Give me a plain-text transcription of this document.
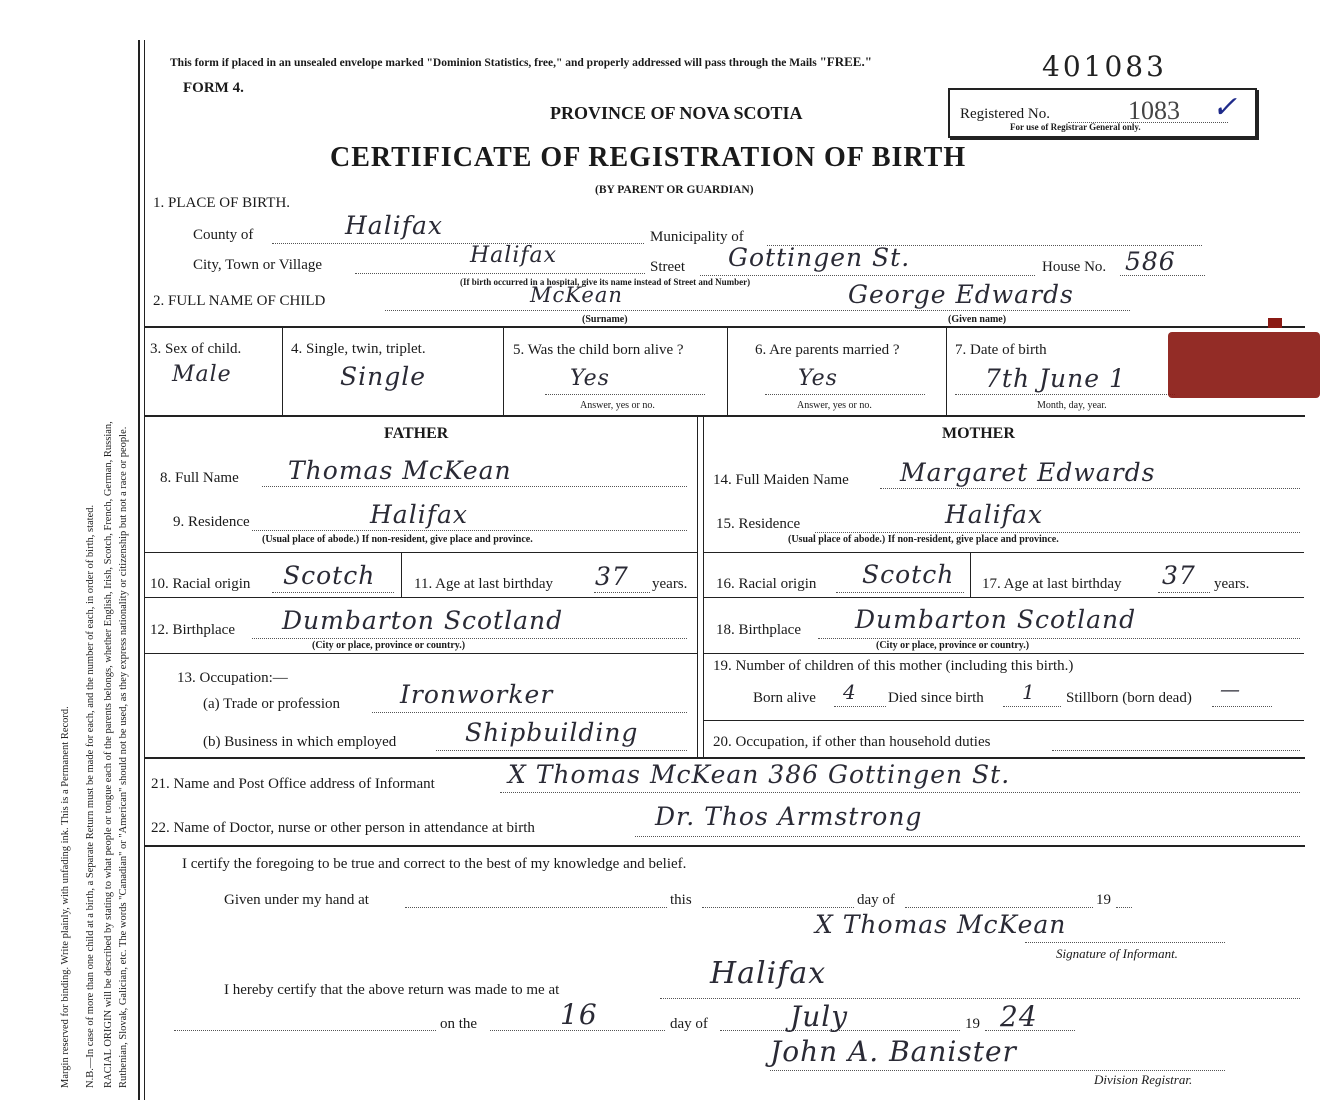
Margin reserved for binding. Write plainly, with unfading ink. This is a Permanent Record. N.B.—In case of more than one child at a birth, a Separate Return must be made for each, and the number of each, in order of birth, stated. RACIAL ORIGIN will be described by stating to what people or tongue each of the parents belongs, whether English, Irish, Scotch, French, German, Russian, Ruthenian, Slovak, Galician, etc. The words "Canadian" or "American" should not be used, as they express nationality or citizenship but not a race or people.
This form if placed in an unsealed envelope marked "Dominion Statistics, free," and properly addressed will pass through the Mails "FREE."	401083
FORM 4.
PROVINCE OF NOVA SCOTIA	Registered No.	1083 ✓
For use of Registrar General only.
CERTIFICATE OF REGISTRATION OF BIRTH
(BY PARENT OR GUARDIAN)
1. PLACE OF BIRTH.
County of	Halifax	Municipality of
City, Town or Village	Halifax	Street Gottingen St.	House No. 586
(If birth occurred in a hospital, give its name instead of Street and Number)
2. FULL NAME OF CHILD	McKean
(Surname)
George Edwards
(Given name)
3. Sex of child.
Male
4. Single, twin, triplet.
Single
5. Was the child born alive ?
Yes
Answer, yes or no.
6. Are parents married ?
Yes
Answer, yes or no.
7. Date of birth
7th June 1
Month, day, year.
FATHER	MOTHER
8. Full Name Thomas McKean
9. Residence	Halifax
(Usual place of abode.) If non-resident, give place and province.
10. Racial origin Scotch	11. Age at last birthday 37 years.
12. Birthplace Dumbarton Scotland
(City or place, province or country.)
13. Occupation:—
(a) Trade or profession Ironworker
(b) Business in which employed	Shipbuilding
14. Full Maiden Name Margaret Edwards
15. Residence	Halifax
(Usual place of abode.) If non-resident, give place and province.
16. Racial origin Scotch 17. Age at last birthday 37 years.
18. Birthplace Dumbarton Scotland
(City or place, province or country.)
19. Number of children of this mother (including this birth.)
Born alive 4 Died since birth 1 Stillborn (born dead) —
20. Occupation, if other than household duties
21. Name and Post Office address of Informant	X Thomas McKean 386 Gottingen St.
22. Name of Doctor, nurse or other person in attendance at birth	Dr. Thos Armstrong
I certify the foregoing to be true and correct to the best of my knowledge and belief.
Given under my hand at	this	day of	19
X Thomas McKean
Signature of Informant.
I hereby certify that the above return was made to me at	Halifax
on the	16	day of	July	19 24
John A. Banister
Division Registrar.
